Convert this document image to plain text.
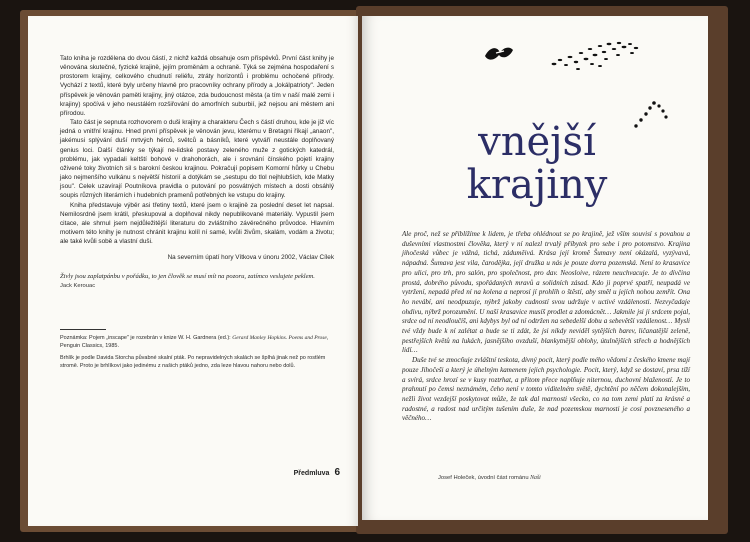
Tato kniha je rozdělena do dvou částí, z nichž každá obsahuje osm příspěvků. První část knihy je věnována skutečné, fyzické krajině, jejím proměnám a ochraně. Týká se zejména hospodaření s prostorem krajiny, celkového chudnutí reliéfu, ztráty horizontů i problému ochočené přírody. Vychází z textů, které byly určeny hlavně pro pracovníky ochrany přírody a „lokálpatrioty". Jeden příspěvek je věnován paměti krajiny, jiný otázce, zda budoucnost města (a tím v naší malé zemi i krajiny) spočívá v jeho neustálém rozšiřování do amorfních suburbií, jež nejsou ani městem ani přírodou.

Tato část je sepnuta rozhovorem o duši krajiny a charakteru Čech s částí druhou, kde je již víc jedná o vnitřní krajinu. Hned první příspěvek je věnován jevu, kterému v Bretagni říkají „anaon", jakémusi splývání duší mrtvých hérců, světců a básníků, které vytváří neustále doplňovaný genius loci. Další články se týkají ne-lidské postavy zeleného muže z gotických katedrál, problému, jak vypadali keltští bohové v drahohorách, ale i srovnání čínského pojetí krajiny oživené toky životních sil s barokní českou krajinou. Pokračují popisem Komorní hůrky u Chebu jako nejmenšího vulkánu s největší historií a dotýkám se „sestupu do tlol nejhlubších, kde Matky jsou". Celek uzavírají Poutníkova pravidla o putování po posvátných místech a dosti obsáhlý soupis různých literárních i hudebních pramenů potřebných ke vstupu do krajiny.

Kniha představuje výběr asi třetiny textů, které jsem o krajině za poslední deset let napsal. Nemilosrdně jsem krátil, přeskupoval a doplňoval nikdy nepublikované materiály. Vypustil jsem citace, ale shrnul jsem nejdůležitější literaturu do zvláštního závěrečného průvodce. Hlavním motivem této knihy je nutnost chránit krajinu kolíl ní samé, kvůli živům, skalám, vodám a životu; ale také kvůli sobě a vlastní duši.

Na severním úpatí hory Vítkova v únoru 2002, Václav Cílek
Živly jsou zaplatpánbu v pořádku, to jen člověk se musí mít na pozoru, zatímco veslujete peklem.
Jack Kerouac
Poznámka: Pojem „inscape" je rozebrán v knize W. H. Gardnera (ed.): Gerard Manley Hopkins. Poems and Prose, Penguin Classics, 1985.
Brhlík je podle Davida Storcha půvabné skalní pták. Po nepravidelných skalách se šplhá jinak než po rostlém stromě. Proto je brhlíkovi jako jedinému z našich ptáků jedno, zda leze hlavou nahoru nebo dolů.
Předmluva 6
vnější
krajiny

Ale proč, než se přiblížíme k lidem, je třeba ohlédnout se po krajině, jež vším souvisí s povahou a duševními vlastnostmi člověka, který v ní nalezl trvalý příbytek pro sebe i pro potomstvo. Krajina jihočeská vůbec je vážná, tichá, záduměivá. Krása její kromě Šumavy není okázalá, vyzývavá, nápadná. Šumava jest vila, čarodějka, její družka u nás je pouze dorra pozemská. Není to krasavice pro ulici, pro trh, pro salón, pro společnost, pro dav. Neosloive, rázem neuchvacuje. Je to dívčina prostá, dobrého původu, spořádaných mravů a solidních zásad. Kdo ji poprvé spatří, neupadá ve vytržení, nepadá před ní na kolena a neprosí jí prohlíh o štěstí, aby směl u jejích nohou zemřít. Ona ho nevábí, ani neodpuzuje, nýbrž jakoby cudností svou udržuje v uctivé vzdálenosti. Nezvyčadaje ohdivu, nýbrž porozumění. U naší krasavice musíš prodlet a zdomácnět… Jakmile jsi ji srdcem pojal, srdce od ní neodloučíš, ani kdybys byl od ní odtržen na sebedelší dobu a sebevětší vzdálenost… Mysli tvé vždy bude k ní zalétat a bude se ti zdát, že jsi nikdy neviděl sytějších barev, ličanatější zeleně, pestřejších květů na lukách, jasnějšího ovzduší, blankytnější oblohy, útulnějších střech a hodnějších lidí…

Duše tvé se zmocňuje zvláštní teskota, divný pocit, který podle mého vědomí z českého kmene mají pouze Jihočeši a který je úhelným kamenem jejich psychologie. Pocit, který, když se dostaví, prsa tíží a svírá, srdce hrozí se v kusy roztrhat, a přitom přece naplňuje niternou, duchovní blažeností. Je to prahnutí po čemsi neznámém, čeho není v tomto viditelném světě, dychtění po něčem dokonalejším, nežli život vezdejší poskytovat může, že tak dal marnosti všecko, co na tom zemi platí za krásné a radostné, a radost nad určitým tušením duše, že nad pozemskou marnosti je cosi povzneseného a věčného…

Josef Holeček, úvodní část románu Naši
